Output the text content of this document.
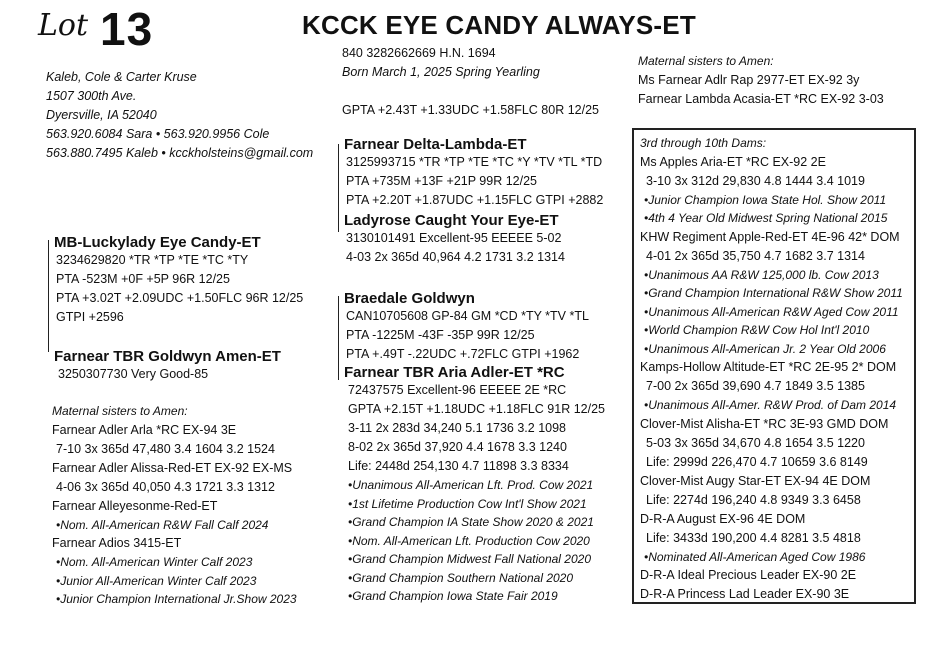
Lot 13	KCCK EYE CANDY ALWAYS-ET
Kaleb, Cole & Carter Kruse
1507 300th Ave.
Dyersville, IA 52040
563.920.6084 Sara • 563.920.9956 Cole
563.880.7495 Kaleb • kcckholsteins@gmail.com
840 3282662669 H.N. 1694
Born March 1, 2025 Spring Yearling
GPTA +2.43T +1.33UDC +1.58FLC 80R 12/25
MB-Luckylady Eye Candy-ET
3234629820 *TR *TP *TE *TC *TY
PTA -523M +0F +5P 96R 12/25
PTA +3.02T +2.09UDC +1.50FLC 96R 12/25
GTPI +2596
Farnear TBR Goldwyn Amen-ET
3250307730 Very Good-85
Maternal sisters to Amen:
Farnear Adler Arla *RC EX-94 3E
7-10 3x 365d 47,480 3.4 1604 3.2 1524
Farnear Adler Alissa-Red-ET EX-92 EX-MS
4-06 3x 365d 40,050 4.3 1721 3.3 1312
Farnear Alleyesonme-Red-ET
•Nom. All-American R&W Fall Calf 2024
Farnear Adios 3415-ET
•Nom. All-American Winter Calf 2023
•Junior All-American Winter Calf 2023
•Junior Champion International Jr.Show 2023
Farnear Delta-Lambda-ET
3125993715 *TR *TP *TE *TC *Y *TV *TL *TD
PTA +735M +13F +21P 99R 12/25
PTA +2.20T +1.87UDC +1.15FLC GTPI +2882
Ladyrose Caught Your Eye-ET
3130101491 Excellent-95 EEEEE 5-02
4-03 2x 365d 40,964 4.2 1731 3.2 1314
Braedale Goldwyn
CAN10705608 GP-84 GM *CD *TY *TV *TL
PTA -1225M -43F -35P 99R 12/25
PTA +.49T -.22UDC +.72FLC GTPI +1962
Farnear TBR Aria Adler-ET *RC
72437575 Excellent-96 EEEEE 2E *RC
GPTA +2.15T +1.18UDC +1.18FLC 91R 12/25
3-11 2x 283d 34,240 5.1 1736 3.2 1098
8-02 2x 365d 37,920 4.4 1678 3.3 1240
Life: 2448d 254,130 4.7 11898 3.3 8334
•Unanimous All-American Lft. Prod. Cow 2021
•1st Lifetime Production Cow Int'l Show 2021
•Grand Champion IA State Show 2020 & 2021
•Nom. All-American Lft. Production Cow 2020
•Grand Champion Midwest Fall National 2020
•Grand Champion Southern National 2020
•Grand Champion Iowa State Fair 2019
Maternal sisters to Amen:
Ms Farnear Adlr Rap 2977-ET EX-92 3y
Farnear Lambda Acasia-ET *RC EX-92 3-03
3rd through 10th Dams:
Ms Apples Aria-ET *RC EX-92 2E
3-10 3x 312d 29,830 4.8 1444 3.4 1019
•Junior Champion Iowa State Hol. Show 2011
•4th 4 Year Old Midwest Spring National 2015
KHW Regiment Apple-Red-ET 4E-96 42* DOM
4-01 2x 365d 35,750 4.7 1682 3.7 1314
•Unanimous AA R&W 125,000 lb. Cow 2013
•Grand Champion International R&W Show 2011
•Unanimous All-American R&W Aged Cow 2011
•World Champion R&W Cow Hol Int'l 2010
•Unanimous All-American Jr. 2 Year Old 2006
Kamps-Hollow Altitude-ET *RC 2E-95 2* DOM
7-00 2x 365d 39,690 4.7 1849 3.5 1385
•Unanimous All-Amer. R&W Prod. of Dam 2014
Clover-Mist Alisha-ET *RC 3E-93 GMD DOM
5-03 3x 365d 34,670 4.8 1654 3.5 1220
Life: 2999d 226,470 4.7 10659 3.6 8149
Clover-Mist Augy Star-ET EX-94 4E DOM
Life: 2274d 196,240 4.8 9349 3.3 6458
D-R-A August EX-96 4E DOM
Life: 3433d 190,200 4.4 8281 3.5 4818
•Nominated All-American Aged Cow 1986
D-R-A Ideal Precious Leader EX-90 2E
D-R-A Princess Lad Leader EX-90 3E
